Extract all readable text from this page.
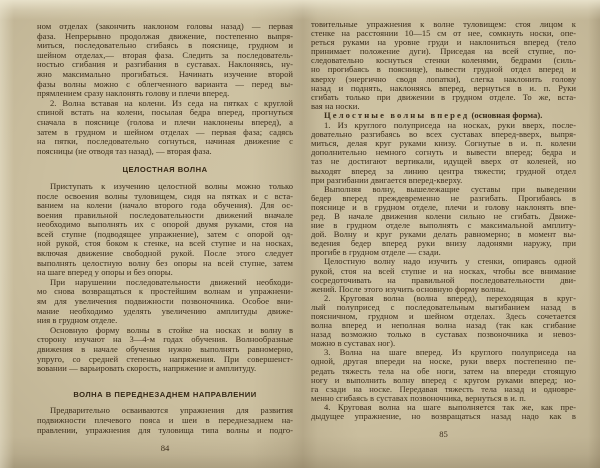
ном отделах (закончить наклоном головы назад) — первая
фаза. Непрерывно продолжая движение, постепенно выпря-
миться, последовательно сгибаясь в пояснице, грудном и
шейном отделах,— вторая фаза. Следить за последователь-
ностью сгибания и разгибания в суставах. Наклоняясь, ну-
жно максимально прогибаться. Начинать изучение второй
фазы волны можно с облегченного варианта — перед вы-
прямлением сразу наклонять голову и плечи вперед.
2. Волна вставая на колени. Из седа на пятках с круглой
спиной встать на колени, посылая бедра вперед, прогнуться
сначала в пояснице (голова и плечи наклонены вперед), а
затем в грудном и шейном отделах — первая фаза; садясь
на пятки, последовательно согнуться, начиная движение с
поясницы (не отводя таз назад), — вторая фаза.
ЦЕЛОСТНАЯ ВОЛНА
Приступать к изучению целостной волны можно только
после освоения волны туловищем, сидя на пятках и с вста-
ванием на колени (начало второго года обучения). Для ос-
воения правильной последовательности движений вначале
необходимо выполнять их с опорой двумя руками, стоя на
всей ступне (подводящее упражнение), затем с опорой од-
ной рукой, стоя боком к стенке, на всей ступне и на носках,
включая движение свободной рукой. После этого следует
выполнять целостную волну без опоры на всей ступне, затем
на шаге вперед у опоры и без опоры.
При нарушении последовательности движений необходи-
мо снова возвращаться к простейшим волнам и упражнени-
ям для увеличения подвижности позвоночника. Особое вни-
мание необходимо уделять увеличению амплитуды движе-
ния в грудном отделе.
Основную форму волны в стойке на носках и волну в
сторону изучают на 3—4-м годах обучения. Волнообразные
движения в начале обучения нужно выполнять равномерно,
упруго, со средней степенью напряжения. При совершенст-
вовании — варьировать скорость, напряжение и амплитуду.
ВОЛНА В ПЕРЕДНЕЗАДНЕМ НАПРАВЛЕНИИ
Предварительно осваиваются упражнения для развития
подвижности плечевого пояса и шеи в переднезаднем на-
правлении, упражнения для туловища типа волны и подго-
84
товительные упражнения к волне туловищем: стоя лицом к
стенке на расстоянии 10—15 см от нее, сомкнуть носки, опе-
реться руками на уровне груди и наклониться вперед (тело
принимает положение дуги). Приседая на всей ступне, по-
следовательно коснуться стенки коленями, бедрами (силь-
но прогибаясь в пояснице), вывести грудной отдел вперед и
кверху (энергично сводя лопатки), слегка наклонить голову
назад и поднять, наклоняясь вперед, вернуться в и. п. Руки
сгибать только при движении в грудном отделе. То же, вста-
вая на носки.
Целостные волны вперед (основная форма).
1. Из круглого полуприседа на носках, руки вверх, после-
довательно разгибаясь во всех суставах вперед-вверх, выпря-
миться, делая круг руками книзу. Согнутые в и. п. колени
дополнительно немного согнуть и вывести вперед; бедра и
таз не достигают вертикали, идущей вверх от коленей, но
выходят вперед за линию центра тяжести; грудной отдел
при разгибании двигается вперед-кверху.
Выполняя волну, вышележащие суставы при выведении
бедер вперед преждевременно не разгибать. Прогибаясь в
пояснице и в грудном отделе, плечи и голову наклонять впе-
ред. В начале движения колени сильно не сгибать. Движе-
ние в грудном отделе выполнять с максимальной амплиту-
дой. Волну и круг руками делать равномерно; в момент вы-
ведения бедер вперед руки внизу ладонями наружу, при
прогибе в грудном отделе — сзади.
Целостную волну надо изучить у стенки, опираясь одной
рукой, стоя на всей ступне и на носках, чтобы все внимание
сосредоточивать на правильной последовательности дви-
жений. После этого изучить основную форму волны.
2. Круговая волна (волна вперед), переходящая в круг-
лый полуприсед с последовательным выгибанием назад в
поясничном, грудном и шейном отделах. Здесь сочетается
волна вперед и неполная волна назад (так как сгибание
назад возможно только в суставах позвоночника и невоз-
можно в суставах ног).
3. Волна на шаге вперед. Из круглого полуприседа на
одной, другая впереди на носке, руки вверх постепенно пе-
редать тяжесть тела на обе ноги, затем на впереди стоящую
ногу и выполнить волну вперед с кругом руками вперед; но-
га сзади на носке. Передавая тяжесть тела назад и одновре-
менно сгибаясь в суставах позвоночника, вернуться в и. п.
4. Круговая волна на шаге выполняется так же, как пре-
дыдущее упражнение, но возвращаться назад надо как в
85
